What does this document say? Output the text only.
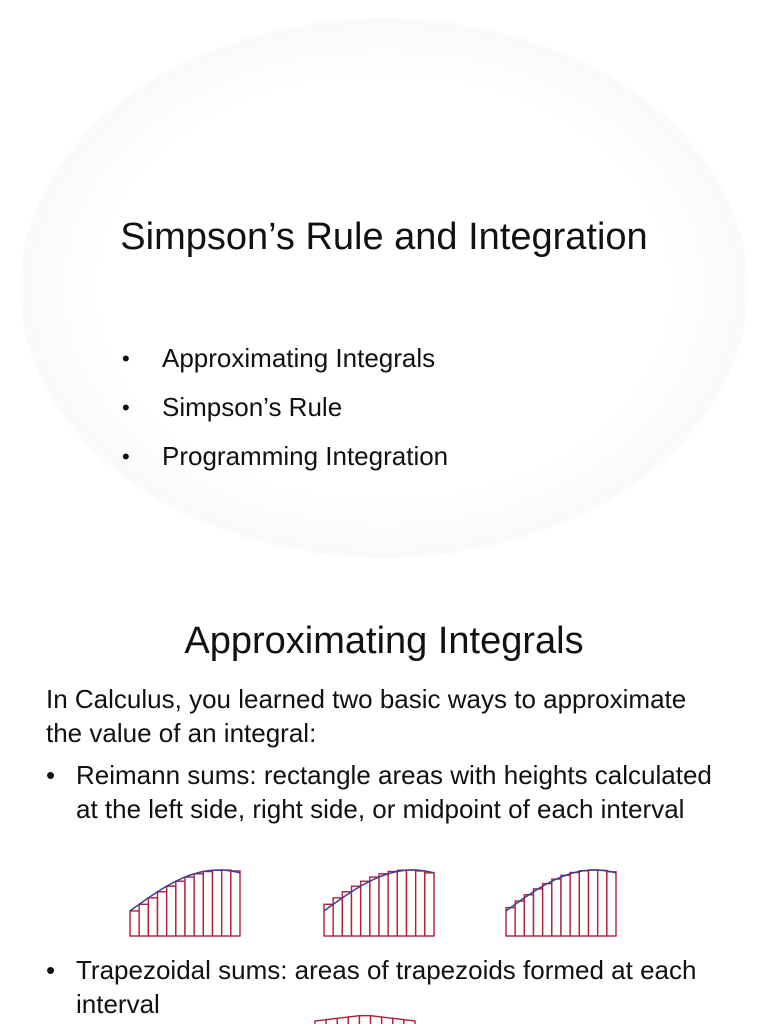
Simpson’s Rule and Integration
• Approximating Integrals
• Simpson’s Rule
• Programming Integration
Approximating Integrals
In Calculus, you learned two basic ways to approximate the value of an integral:
• Reimann sums: rectangle areas with heights calculated at the left side, right side, or midpoint of each interval
• Trapezoidal sums: areas of trapezoids formed at each interval
